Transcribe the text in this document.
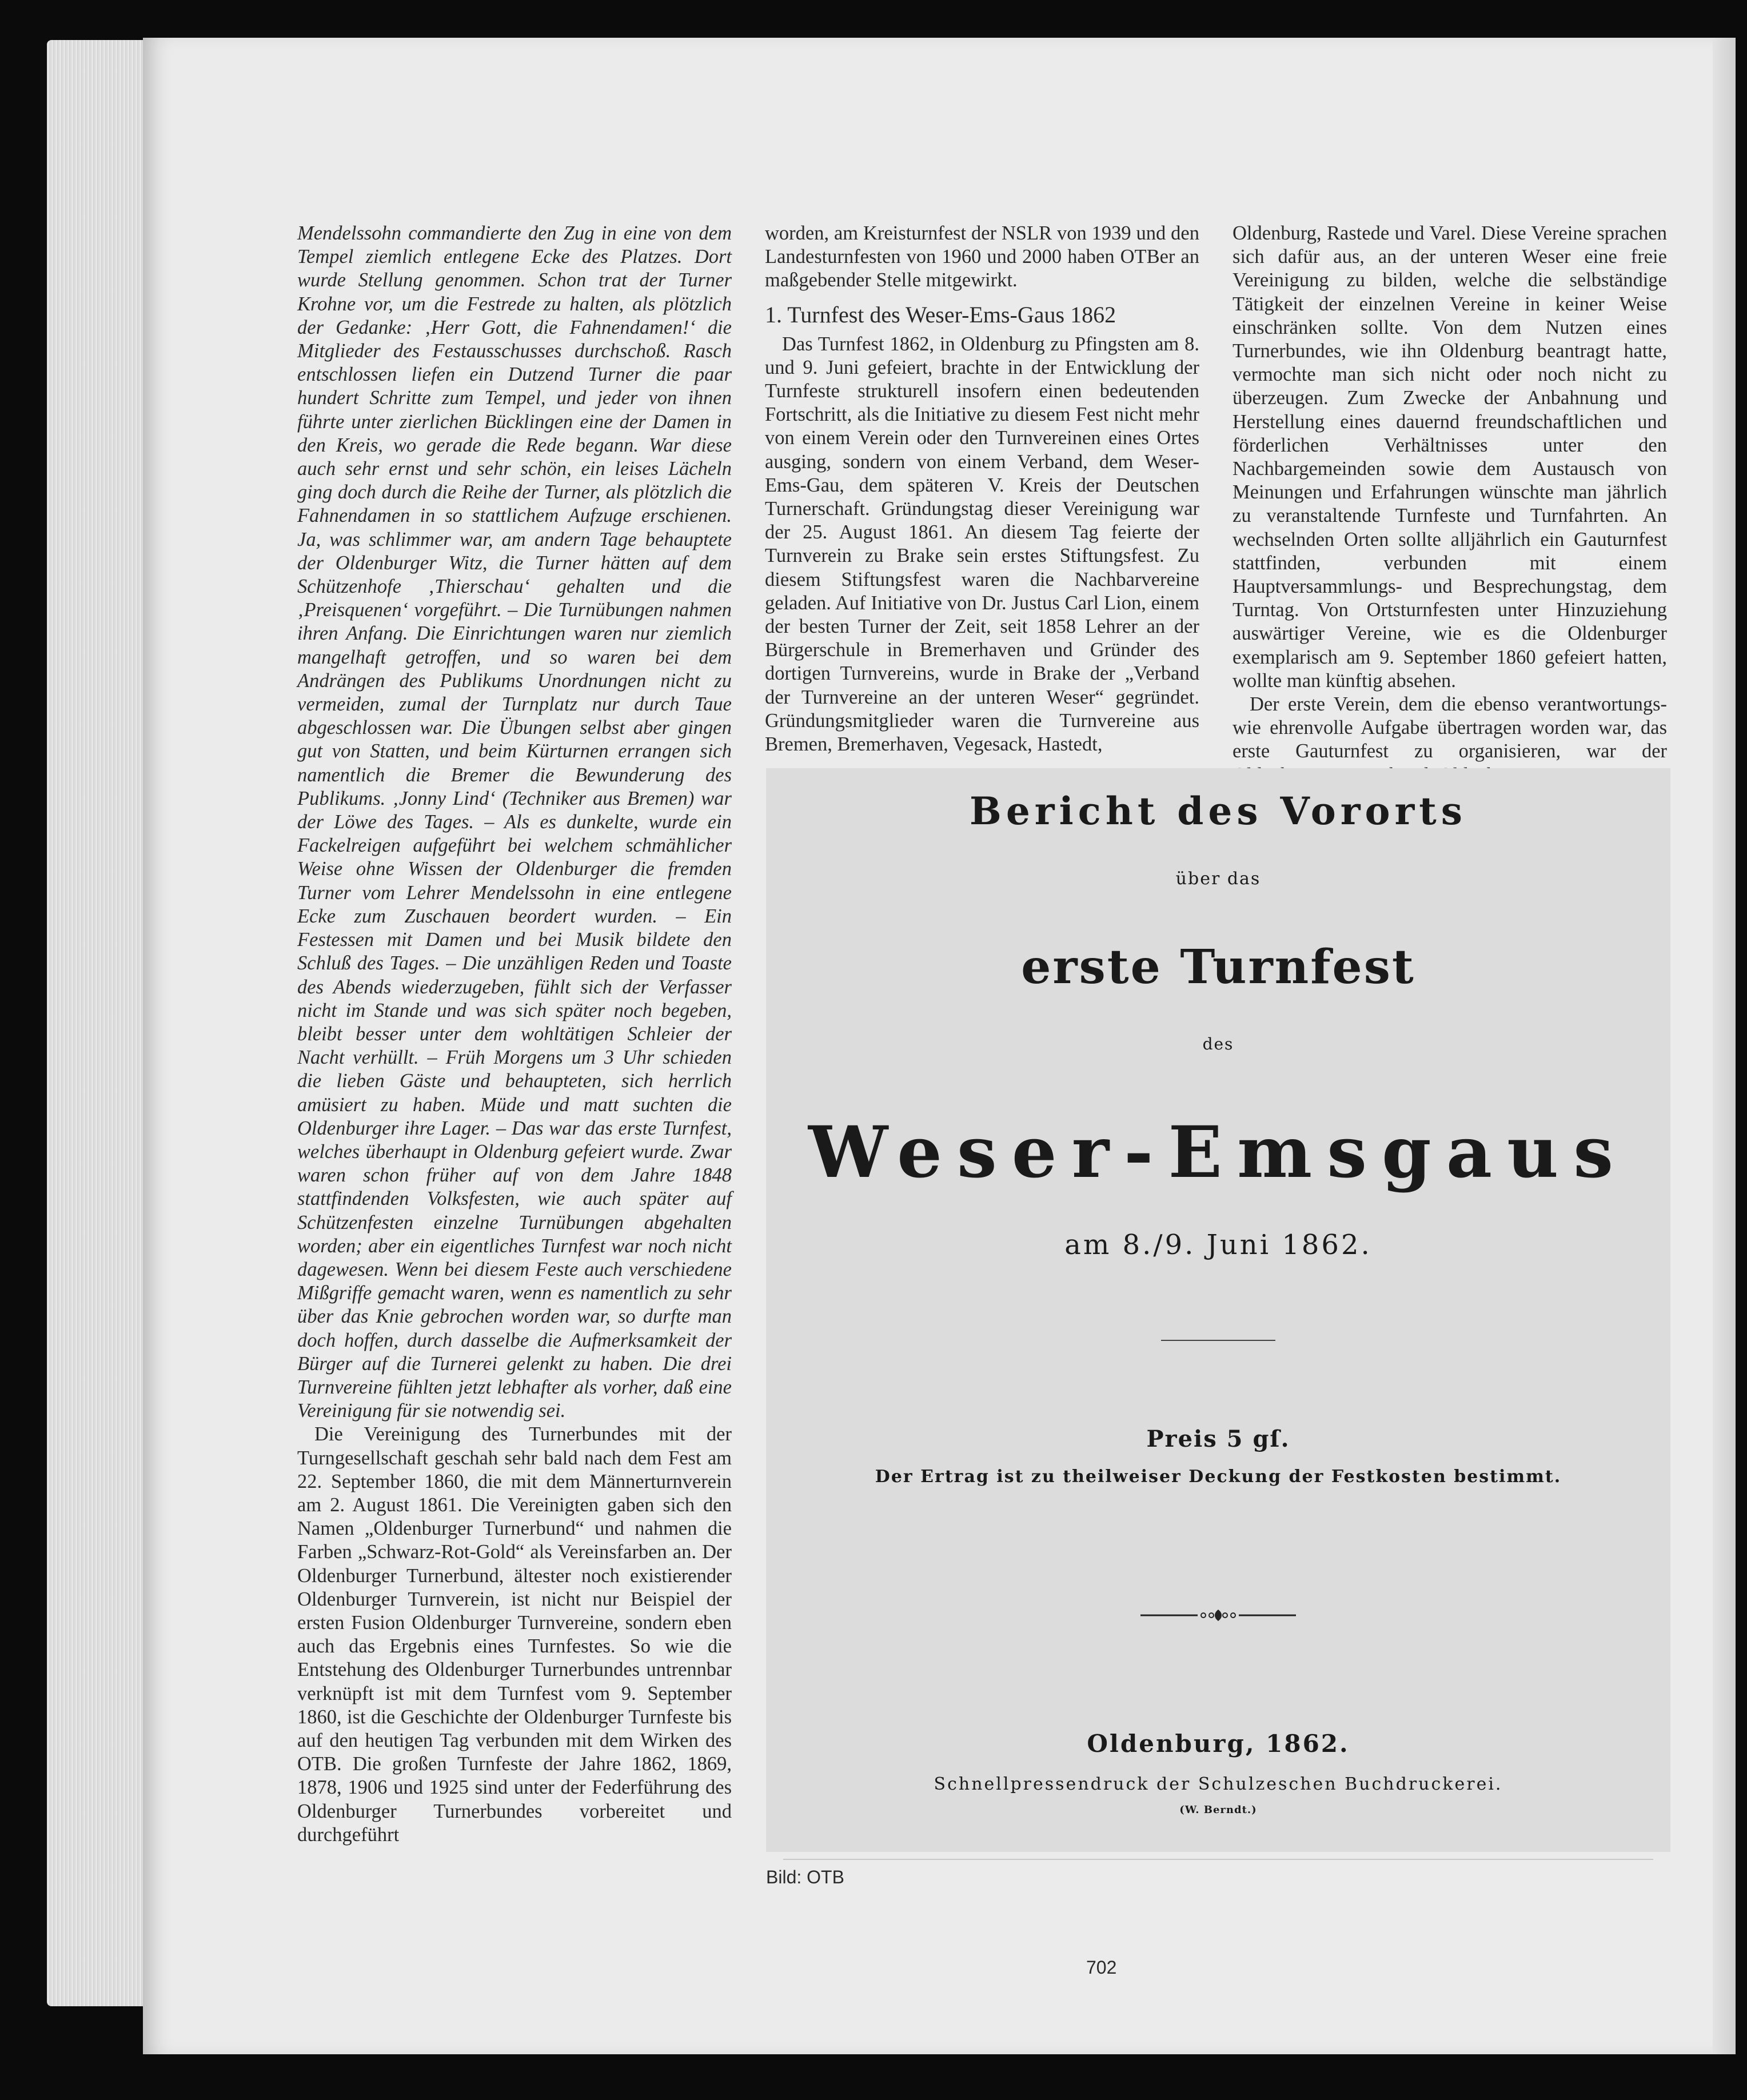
Mendelssohn commandierte den Zug in eine von dem Tempel ziemlich entlegene Ecke des Platzes. Dort wurde Stellung genommen. Schon trat der Turner Krohne vor, um die Festrede zu halten, als plötzlich der Gedanke: ‚Herr Gott, die Fahnendamen!‘ die Mitglieder des Festausschusses durchschoß. Rasch entschlossen liefen ein Dutzend Turner die paar hundert Schritte zum Tempel, und jeder von ihnen führte unter zierlichen Bücklingen eine der Damen in den Kreis, wo gerade die Rede begann. War diese auch sehr ernst und sehr schön, ein leises Lächeln ging doch durch die Reihe der Turner, als plötzlich die Fahnendamen in so stattlichem Aufzuge erschienen. Ja, was schlimmer war, am andern Tage behauptete der Oldenburger Witz, die Turner hätten auf dem Schützenhofe ‚Thierschau‘ gehalten und die ‚Preisquenen‘ vorgeführt. – Die Turnübungen nahmen ihren Anfang. Die Einrichtungen waren nur ziemlich mangelhaft getroffen, und so waren bei dem Andrängen des Publikums Unordnungen nicht zu vermeiden, zumal der Turnplatz nur durch Taue abgeschlossen war. Die Übungen selbst aber gingen gut von Statten, und beim Kürturnen errangen sich namentlich die Bremer die Bewunderung des Publikums. ‚Jonny Lind‘ (Techniker aus Bremen) war der Löwe des Tages. – Als es dunkelte, wurde ein Fackelreigen aufgeführt bei welchem schmählicher Weise ohne Wissen der Oldenburger die fremden Turner vom Lehrer Mendelssohn in eine entlegene Ecke zum Zuschauen beordert wurden. – Ein Festessen mit Damen und bei Musik bildete den Schluß des Tages. – Die unzähligen Reden und Toaste des Abends wiederzugeben, fühlt sich der Verfasser nicht im Stande und was sich später noch begeben, bleibt besser unter dem wohltätigen Schleier der Nacht verhüllt. – Früh Morgens um 3 Uhr schieden die lieben Gäste und behaupteten, sich herrlich amüsiert zu haben. Müde und matt suchten die Oldenburger ihre Lager. – Das war das erste Turnfest, welches überhaupt in Oldenburg gefeiert wurde. Zwar waren schon früher auf von dem Jahre 1848 stattfindenden Volksfesten, wie auch später auf Schützenfesten einzelne Turnübungen abgehalten worden; aber ein eigentliches Turnfest war noch nicht dagewesen. Wenn bei diesem Feste auch verschiedene Mißgriffe gemacht waren, wenn es namentlich zu sehr über das Knie gebrochen worden war, so durfte man doch hoffen, durch dasselbe die Aufmerksamkeit der Bürger auf die Turnerei gelenkt zu haben. Die drei Turnvereine fühlten jetzt lebhafter als vorher, daß eine Vereinigung für sie notwendig sei.
Die Vereinigung des Turnerbundes mit der Turngesellschaft geschah sehr bald nach dem Fest am 22. September 1860, die mit dem Männerturnverein am 2. August 1861. Die Vereinigten gaben sich den Namen „Oldenburger Turnerbund“ und nahmen die Farben „Schwarz-Rot-Gold“ als Vereinsfarben an. Der Oldenburger Turnerbund, ältester noch existierender Oldenburger Turnverein, ist nicht nur Beispiel der ersten Fusion Oldenburger Turnvereine, sondern eben auch das Ergebnis eines Turnfestes. So wie die Entstehung des Oldenburger Turnerbundes untrennbar verknüpft ist mit dem Turnfest vom 9. September 1860, ist die Geschichte der Oldenburger Turnfeste bis auf den heutigen Tag verbunden mit dem Wirken des OTB. Die großen Turnfeste der Jahre 1862, 1869, 1878, 1906 und 1925 sind unter der Federführung des Oldenburger Turnerbundes vorbereitet und durchgeführt
worden, am Kreisturnfest der NSLR von 1939 und den Landesturnfesten von 1960 und 2000 haben OTBer an maßgebender Stelle mitgewirkt.
1. Turnfest des Weser-Ems-Gaus 1862
Das Turnfest 1862, in Oldenburg zu Pfingsten am 8. und 9. Juni gefeiert, brachte in der Entwicklung der Turnfeste strukturell insofern einen bedeutenden Fortschritt, als die Initiative zu diesem Fest nicht mehr von einem Verein oder den Turnvereinen eines Ortes ausging, sondern von einem Verband, dem Weser-Ems-Gau, dem späteren V. Kreis der Deutschen Turnerschaft. Gründungstag dieser Vereinigung war der 25. August 1861. An diesem Tag feierte der Turnverein zu Brake sein erstes Stiftungsfest. Zu diesem Stiftungsfest waren die Nachbarvereine geladen. Auf Initiative von Dr. Justus Carl Lion, einem der besten Turner der Zeit, seit 1858 Lehrer an der Bürgerschule in Bremerhaven und Gründer des dortigen Turnvereins, wurde in Brake der „Verband der Turnvereine an der unteren Weser“ gegründet. Gründungsmitglieder waren die Turnvereine aus Bremen, Bremerhaven, Vegesack, Hastedt,
Oldenburg, Rastede und Varel. Diese Vereine sprachen sich dafür aus, an der unteren Weser eine freie Vereinigung zu bilden, welche die selbständige Tätigkeit der einzelnen Vereine in keiner Weise einschränken sollte. Von dem Nutzen eines Turnerbundes, wie ihn Oldenburg beantragt hatte, vermochte man sich nicht oder noch nicht zu überzeugen. Zum Zwecke der Anbahnung und Herstellung eines dauernd freundschaftlichen und förderlichen Verhältnisses unter den Nachbargemeinden sowie dem Austausch von Meinungen und Erfahrungen wünschte man jährlich zu veranstaltende Turnfeste und Turnfahrten. An wechselnden Orten sollte alljährlich ein Gauturnfest stattfinden, verbunden mit einem Hauptversammlungs- und Besprechungstag, dem Turntag. Von Ortsturnfesten unter Hinzuziehung auswärtiger Vereine, wie es die Oldenburger exemplarisch am 9. September 1860 gefeiert hatten, wollte man künftig absehen.
Der erste Verein, dem die ebenso verantwortungs- wie ehrenvolle Aufgabe übertragen worden war, das erste Gauturnfest zu organisieren, war der
Bericht des Vororts
über das
erste Turnfest
des
Weser-Emsgaus
am 8./9. Juni 1862.
Preis 5 gſ.
Der Ertrag ist zu theilweiser Deckung der Festkosten bestimmt.
Oldenburg, 1862.
Schnellpressendruck der Schulzeschen Buchdruckerei.
(W. Berndt.)
Bild: OTB
702
